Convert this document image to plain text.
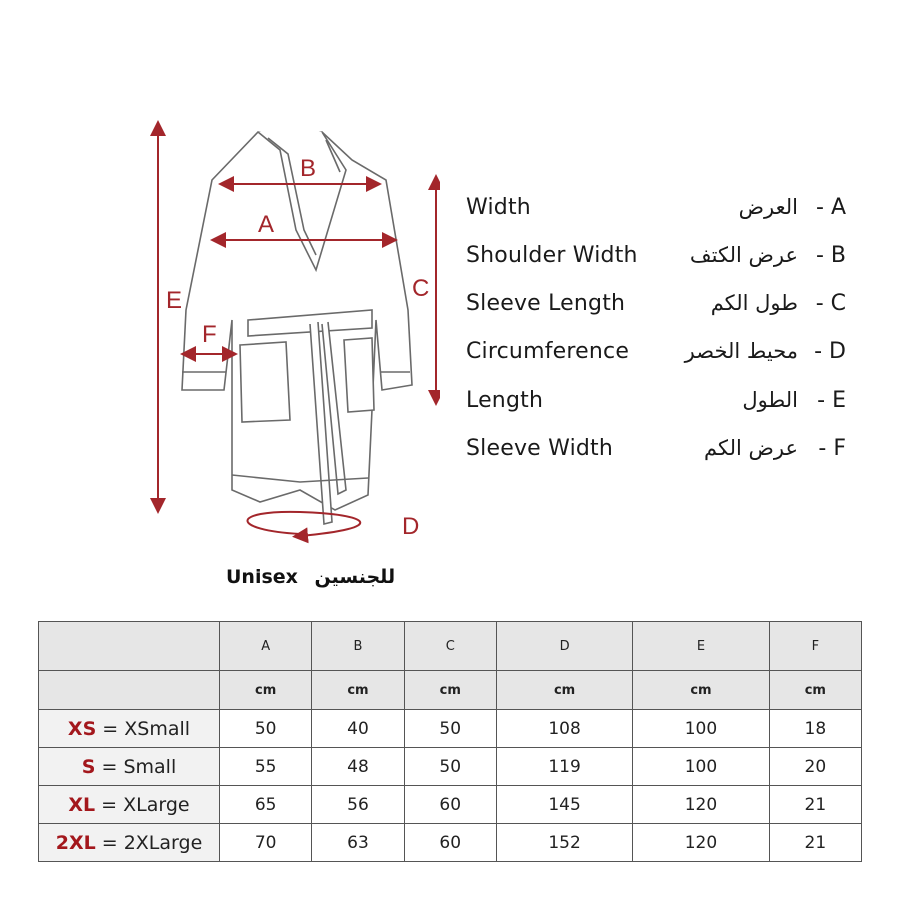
B
A
E	C
F
D
Width	العرض - A
Shoulder Width عرض الكتف - B
Sleeve Length	طول الكم - C
Circumference	محيط الخصر - D
Length	الطول - E
Sleeve Width	عرض الكم - F
Unisex للجنسين
	A	B	C	D	E	F
	cm	cm	cm	cm	cm	cm
XS = XSmall	50	40	50	108	100	18
S = Small	55	48	50	119	100	20
XL = XLarge	65	56	60	145	120	21
2XL = 2XLarge	70	63	60	152	120	21
